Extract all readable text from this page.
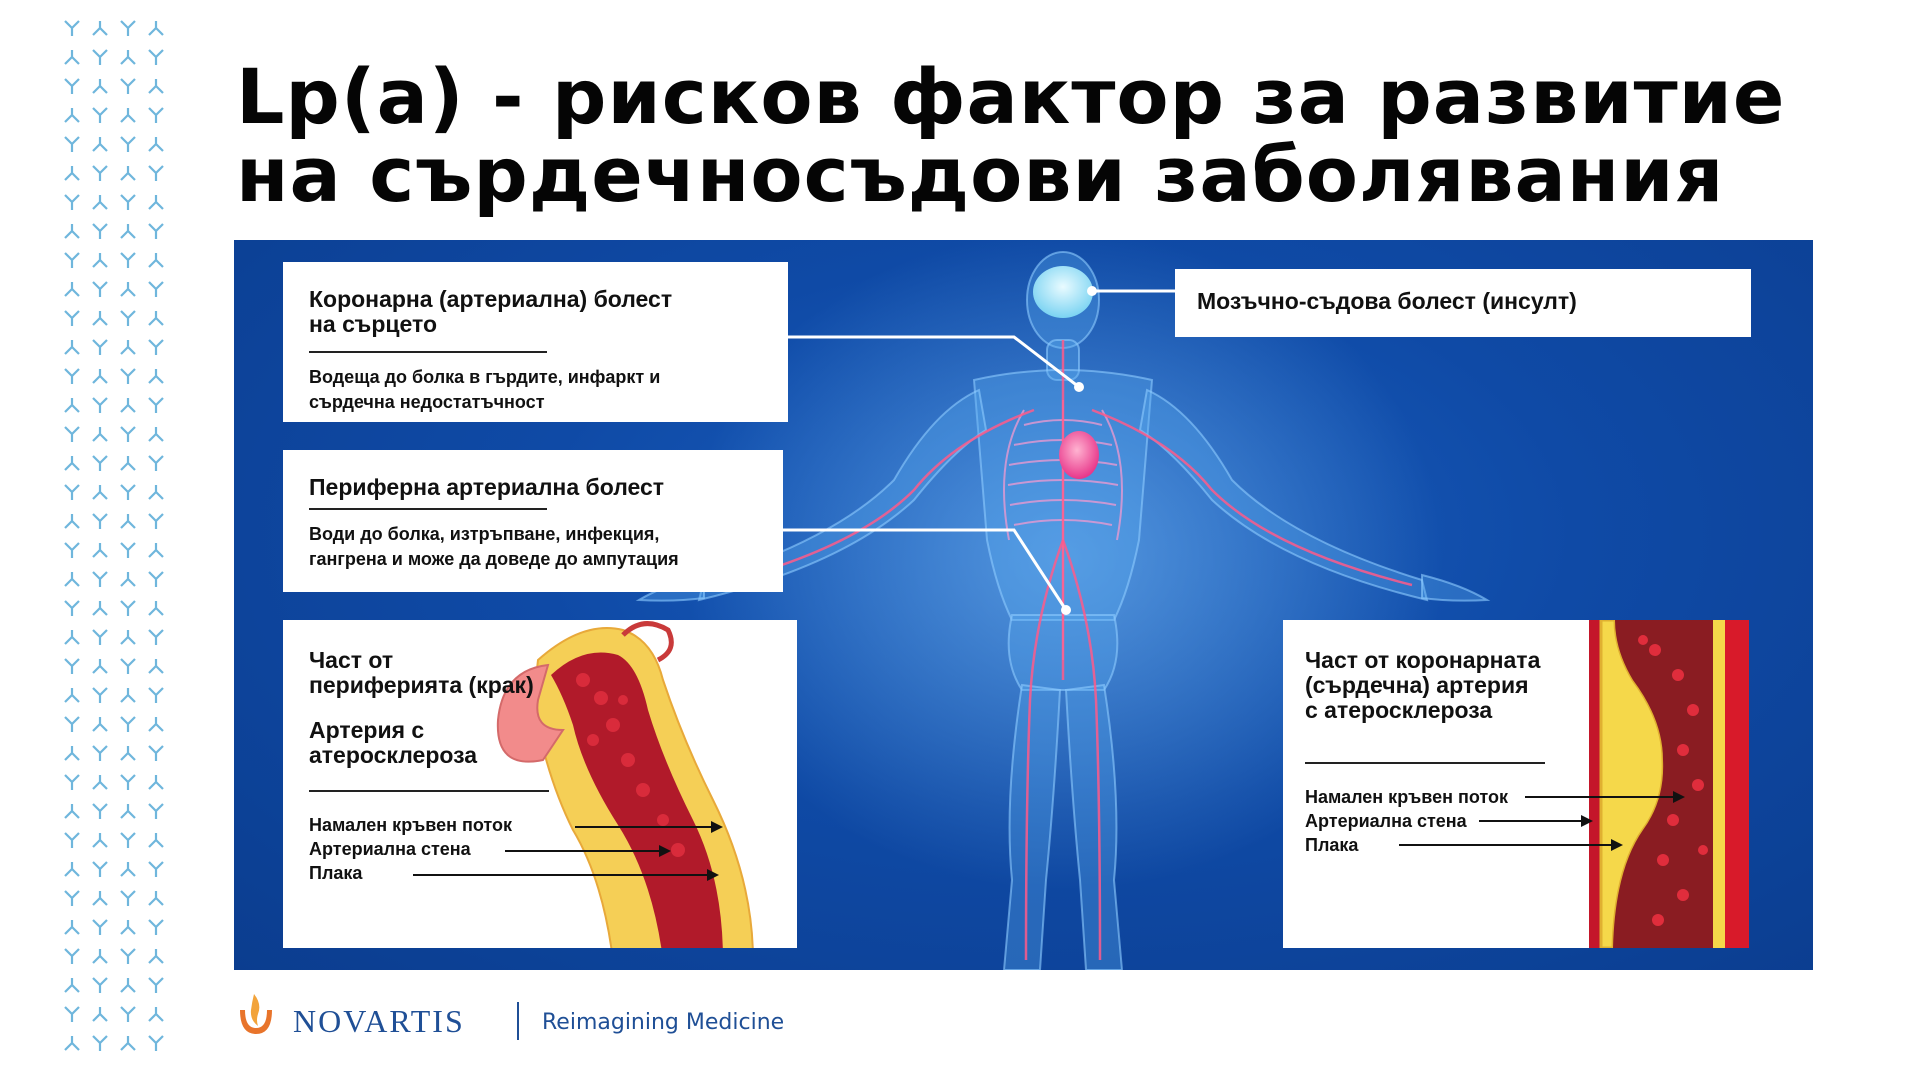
Lp(a) - рисков фактор за развитие
на сърдечносъдови заболявания
Коронарна (артериална) болест
на сърцето

Водеща до болка в гърдите, инфаркт и
сърдечна недостатъчност

Периферна артериална болест

Води до болка, изтръпване, инфекция,
гангрена и може да доведе до ампутация

Мозъчно-съдова болест (инсулт)
Част от
периферията (крак)
Артерия с
атеросклероза
Намален кръвен поток
Артериална стена
Плака
Част от коронарната
(сърдечна) артерия
с атеросклероза
Намален кръвен поток
Артериална стена
Плака
NOVARTIS	Reimagining Medicine
